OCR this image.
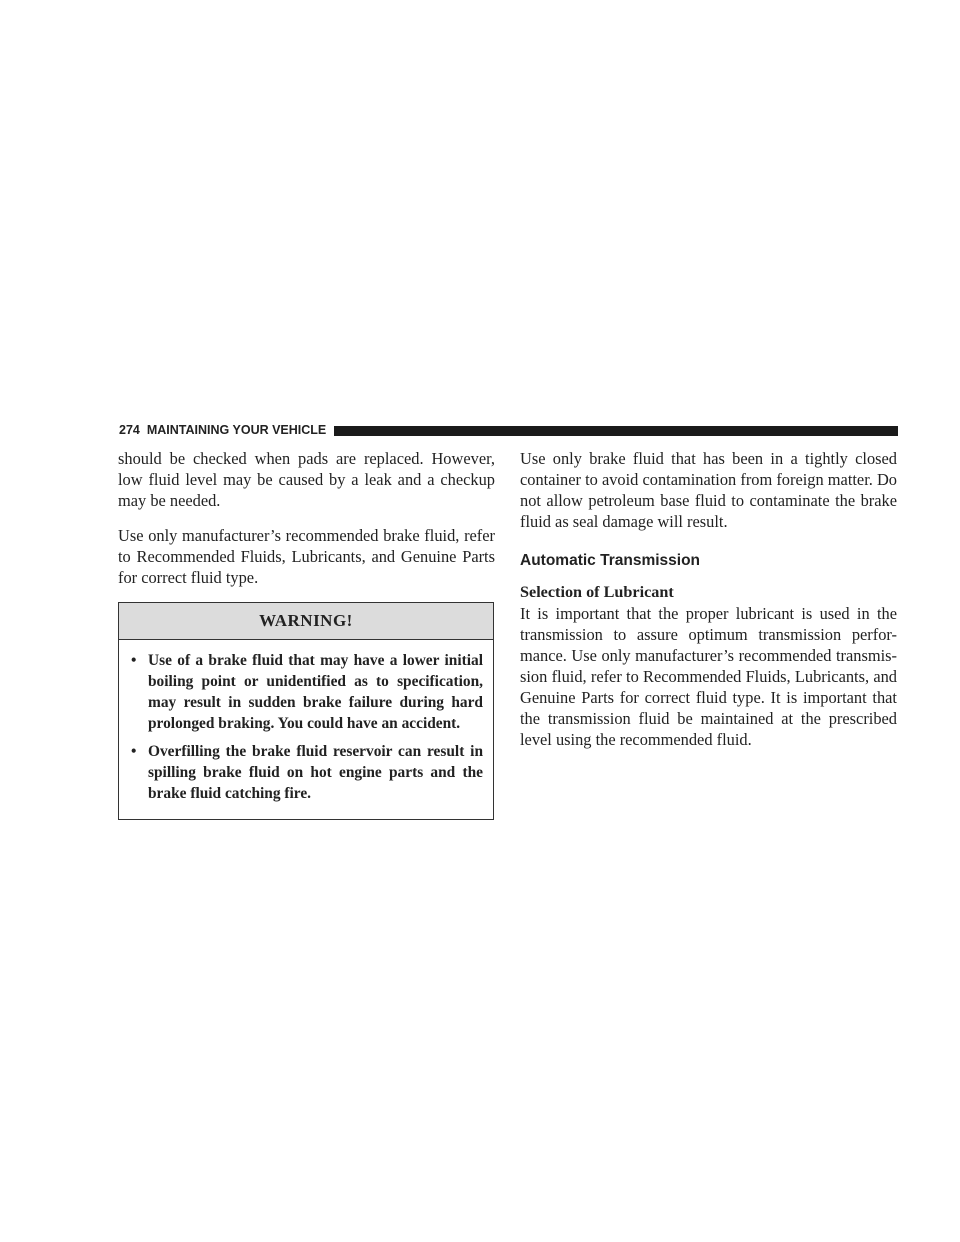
274 MAINTAINING YOUR VEHICLE

should be checked when pads are replaced. However, low fluid level may be caused by a leak and a checkup may be needed.

Use only manufacturer’s recommended brake fluid, refer to Recommended Fluids, Lubricants, and Genuine Parts for correct fluid type.

WARNING!
• Use of a brake fluid that may have a lower initial boiling point or unidentified as to specification, may result in sudden brake failure during hard prolonged braking. You could have an accident.
• Overfilling the brake fluid reservoir can result in spilling brake fluid on hot engine parts and the brake fluid catching fire.

Use only brake fluid that has been in a tightly closed container to avoid contamination from foreign matter. Do not allow petroleum base fluid to contaminate the brake fluid as seal damage will result.

Automatic Transmission
Selection of Lubricant

It is important that the proper lubricant is used in the transmission to assure optimum transmission perfor-mance. Use only manufacturer’s recommended transmis-sion fluid, refer to Recommended Fluids, Lubricants, and Genuine Parts for correct fluid type. It is important that the transmission fluid be maintained at the prescribed level using the recommended fluid.
